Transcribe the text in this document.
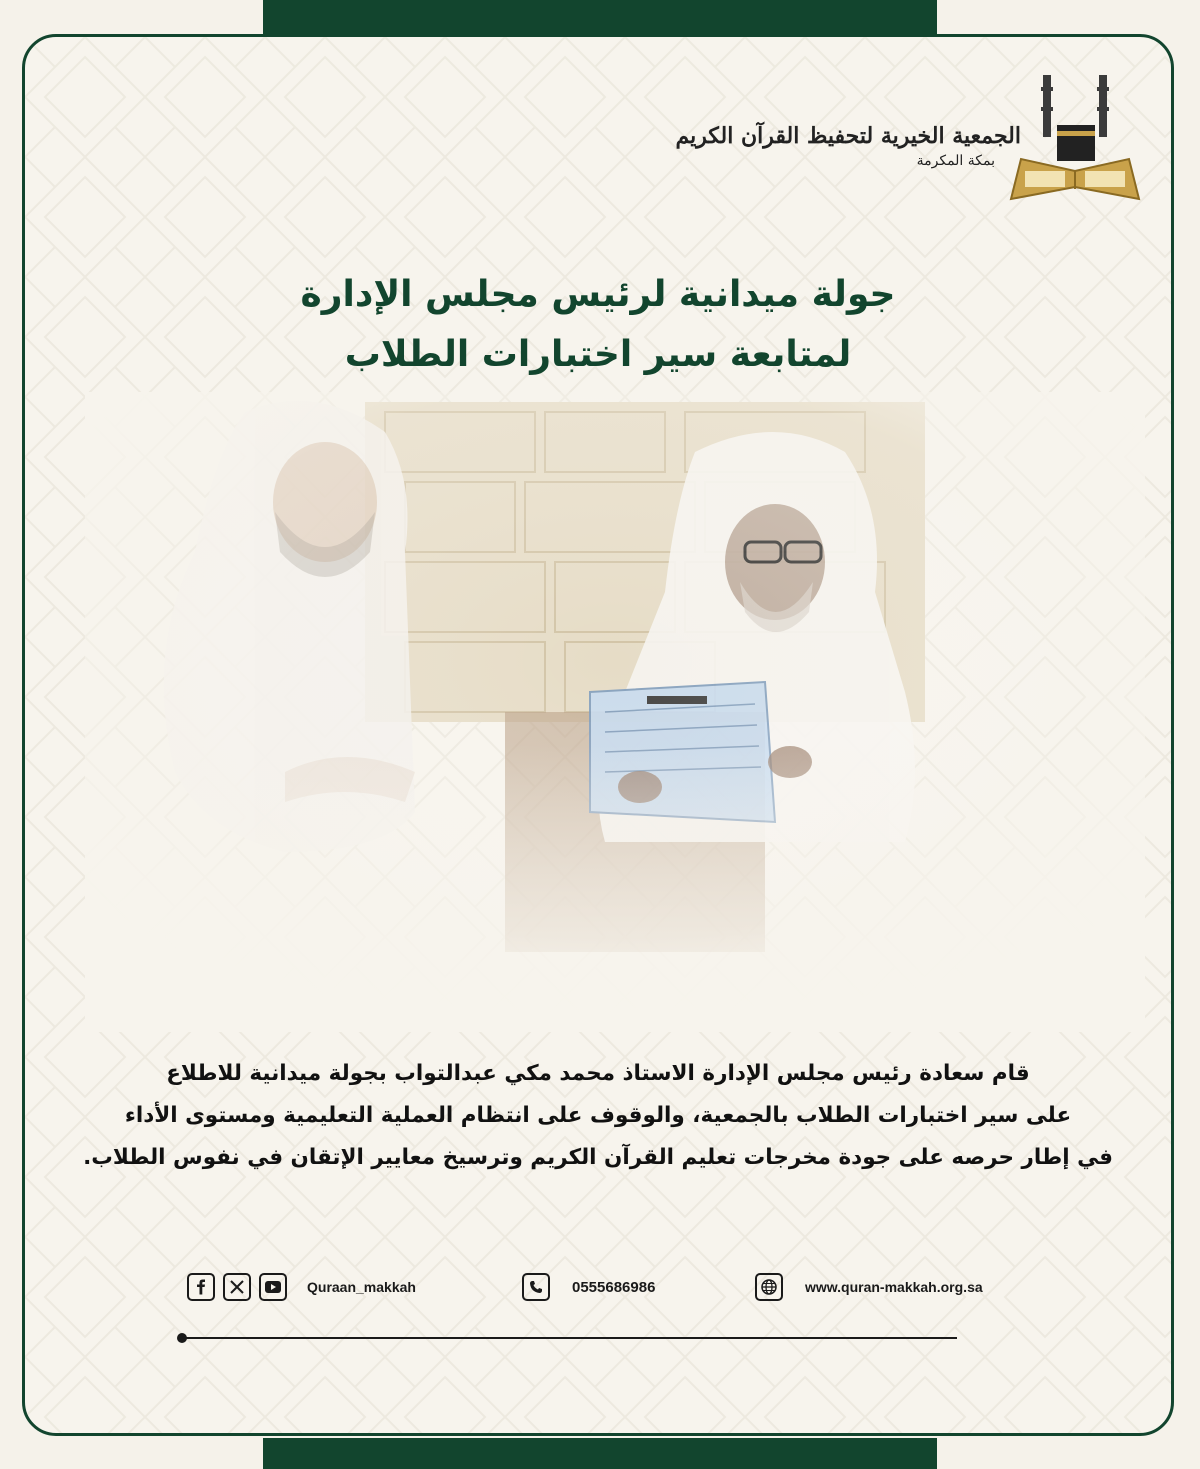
الجمعية الخيرية لتحفيظ القرآن الكريم
بمكة المكرمة
جولة ميدانية لرئيس مجلس الإدارة
لمتابعة سير اختبارات الطلاب
قام سعادة رئيس مجلس الإدارة الاستاذ محمد مكي عبدالتواب بجولة ميدانية للاطلاع
على سير اختبارات الطلاب بالجمعية، والوقوف على انتظام العملية التعليمية ومستوى الأداء
في إطار حرصه على جودة مخرجات تعليم القرآن الكريم وترسيخ معايير الإتقان في نفوس الطلاب.
Quraan_makkah	0555686986	www.quran-makkah.org.sa
